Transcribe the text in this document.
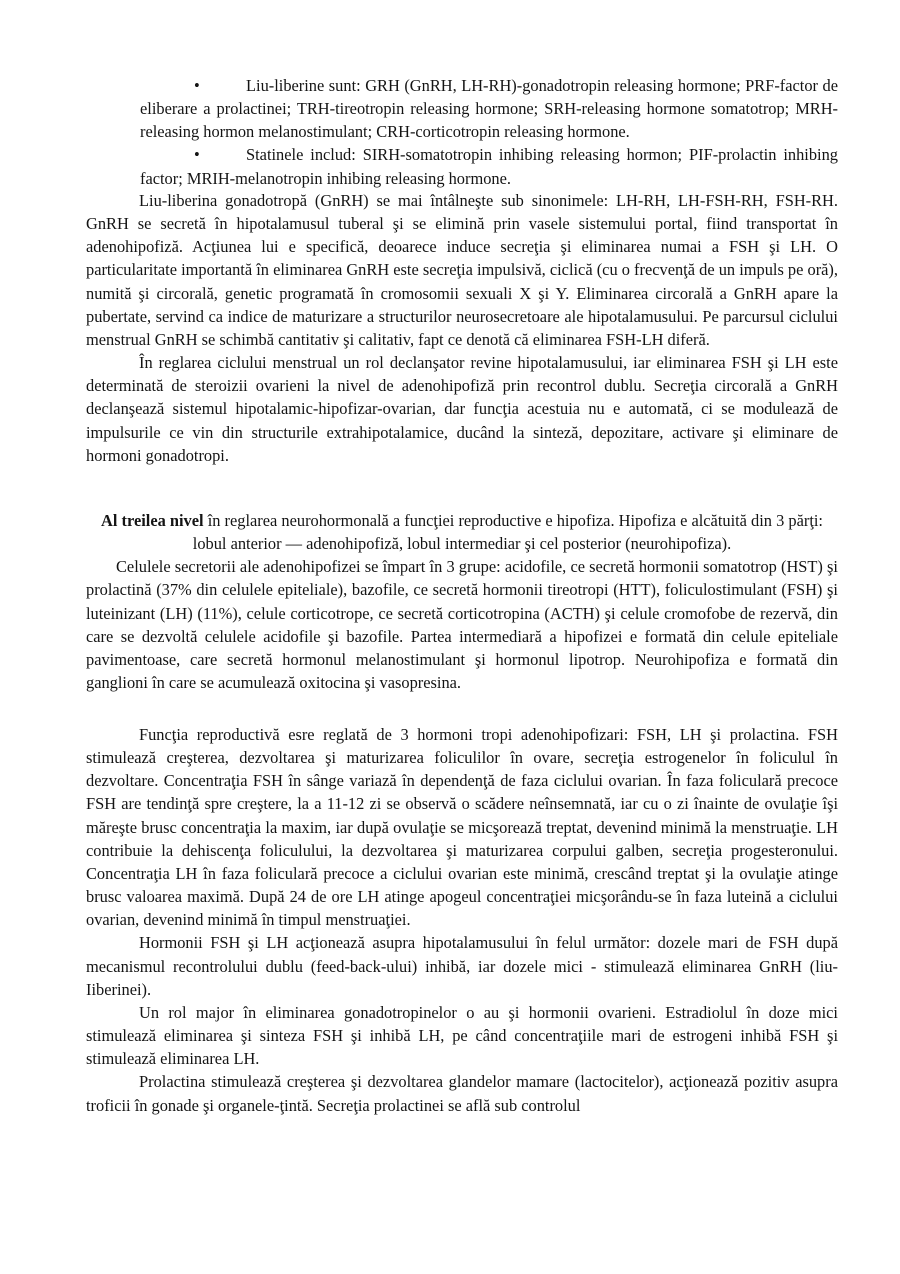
•	Liu-liberine sunt: GRH (GnRH, LH-RH)-gonadotropin releasing hormone; PRF-factor de eliberare a prolactinei; TRH-tireotropin releasing hormone; SRH-releasing hormone somatotrop; MRH-releasing hormon melanostimulant; CRH-corticotropin releasing hormone.

•	Statinele includ: SIRH-somatotropin inhibing releasing hormon; PIF-prolactin inhibing factor; MRIH-melanotropin inhibing releasing hormone.

Liu-liberina gonadotropă (GnRH) se mai întâlneşte sub sinonimele: LH-RH, LH-FSH-RH, FSH-RH. GnRH se secretă în hipotalamusul tuberal şi se elimină prin vasele sistemului portal, fiind transportat în adenohipofiză. Acţiunea lui e specifică, deoarece induce secreţia şi eliminarea numai a FSH şi LH. O particularitate importantă în eliminarea GnRH este secreţia impulsivă, ciclică (cu o frecvenţă de un impuls pe oră), numită şi circorală, genetic programată în cromosomii sexuali X şi Y. Eliminarea circorală a GnRH apare la pubertate, servind ca indice de maturizare a structurilor neurosecretoare ale hipotalamusului. Pe parcursul ciclului menstrual GnRH se schimbă cantitativ şi calitativ, fapt ce denotă că eliminarea FSH-LH diferă.

În reglarea ciclului menstrual un rol declanşator revine hipotalamusului, iar eliminarea FSH şi LH este determinată de steroizii ovarieni la nivel de adenohipofiză prin recontrol dublu. Secreţia circorală a GnRH declanşează sistemul hipotalamic-hipofizar-ovarian, dar funcţia acestuia nu e automată, ci se modulează de impulsurile ce vin din structurile extrahipotalamice, ducând la sinteză, depozitare, activare şi eliminare de hormoni gonadotropi.

Al treilea nivel în reglarea neurohormonală a funcţiei reproductive e hipofiza. Hipofiza e alcătuită din 3 părţi: lobul anterior — adenohipofiză, lobul intermediar şi cel posterior (neurohipofiza).

Celulele secretorii ale adenohipofizei se împart în 3 grupe: acidofile, ce secretă hormonii somatotrop (HST) şi prolactină (37% din celulele epiteliale), bazofile, ce secretă hormonii tireotropi (HTT), foliculostimulant (FSH) şi luteinizant (LH) (11%), celule corticotrope, ce secretă corticotropina (ACTH) şi celule cromofobe de rezervă, din care se dezvoltă celulele acidofile şi bazofile. Partea intermediară a hipofizei e formată din celule epiteliale pavimentoase, care secretă hormonul melanostimulant şi hormonul lipotrop. Neurohipofiza e formată din ganglioni în care se acumulează oxitocina şi vasopresina.

Funcţia reproductivă esre reglată de 3 hormoni tropi adenohipofizari: FSH, LH şi prolactina. FSH stimulează creşterea, dezvoltarea şi maturizarea foliculilor în ovare, secreţia estrogenelor în foliculul în dezvoltare. Concentraţia FSH în sânge variază în dependenţă de faza ciclului ovarian. În faza foliculară precoce FSH are tendinţă spre creştere, la a 11-12 zi se observă o scădere neînsemnată, iar cu o zi înainte de ovulaţie îşi măreşte brusc concentraţia la maxim, iar după ovulaţie se micşorează treptat, devenind minimă la menstruaţie. LH contribuie la dehiscenţa foliculului, la dezvoltarea şi maturizarea corpului galben, secreţia progesteronului. Concentraţia LH în faza foliculară precoce a ciclului ovarian este minimă, crescând treptat şi la ovulaţie atinge brusc valoarea maximă. După 24 de ore LH atinge apogeul concentraţiei micşorându-se în faza luteină a ciclului ovarian, devenind minimă în timpul menstruaţiei.

Hormonii FSH şi LH acţionează asupra hipotalamusului în felul următor: dozele mari de FSH după mecanismul recontrolului dublu (feed-back-ului) inhibă, iar dozele mici - stimulează eliminarea GnRH (liu-Iiberinei).

Un rol major în eliminarea gonadotropinelor o au şi hormonii ovarieni. Estradiolul în doze mici stimulează eliminarea şi sinteza FSH şi inhibă LH, pe când concentraţiile mari de estrogeni inhibă FSH şi stimulează eliminarea LH.

Prolactina stimulează creşterea şi dezvoltarea glandelor mamare (lactocitelor), acţionează pozitiv asupra troficii în gonade şi organele-ţintă. Secreţia prolactinei se află sub controlul
